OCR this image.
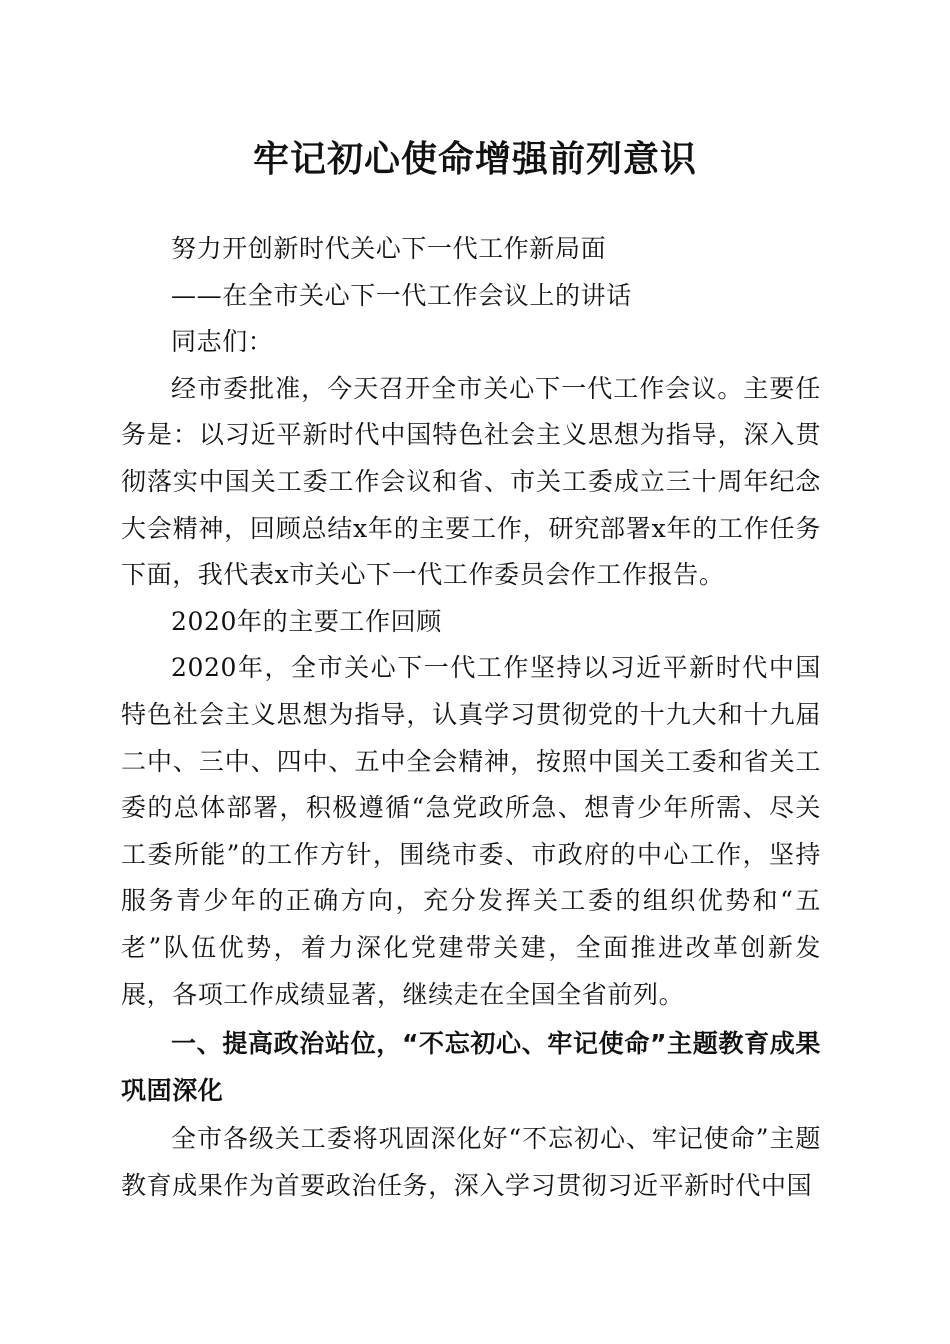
牢记初心使命增强前列意识

努力开创新时代关心下一代工作新局面

——在全市关心下一代工作会议上的讲话

同志们：

经市委批准，今天召开全市关心下一代工作会议。主要任务是：以习近平新时代中国特色社会主义思想为指导，深入贯彻落实中国关工委工作会议和省、市关工委成立三十周年纪念大会精神，回顾总结x年的主要工作，研究部署x年的工作任务下面，我代表x市关心下一代工作委员会作工作报告。

2020年的主要工作回顾

2020年，全市关心下一代工作坚持以习近平新时代中国特色社会主义思想为指导，认真学习贯彻党的十九大和十九届二中、三中、四中、五中全会精神，按照中国关工委和省关工委的总体部署，积极遵循“急党政所急、想青少年所需、尽关工委所能”的工作方针，围绕市委、市政府的中心工作，坚持服务青少年的正确方向，充分发挥关工委的组织优势和“五老”队伍优势，着力深化党建带关建，全面推进改革创新发展，各项工作成绩显著，继续走在全国全省前列。

一、提高政治站位，“不忘初心、牢记使命”主题教育成果巩固深化

全市各级关工委将巩固深化好“不忘初心、牢记使命”主题教育成果作为首要政治任务，深入学习贯彻习近平新时代中国
